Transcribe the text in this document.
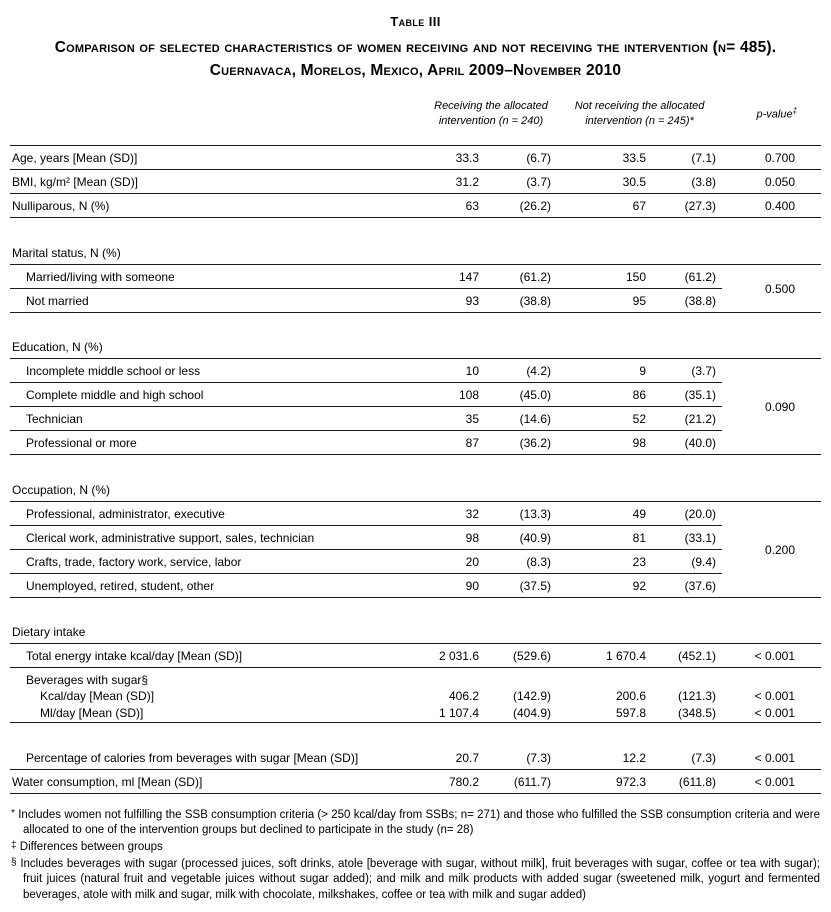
Table III
Comparison of selected characteristics of women receiving and not receiving the intervention (n= 485).
Cuernavaca, Morelos, Mexico, April 2009–November 2010
	Receiving the allocated intervention (n = 240)		Not receiving the allocated intervention (n = 245)*		p-value‡
Age, years [Mean (SD)]	33.3	(6.7)	33.5	(7.1)	0.700
BMI, kg/m² [Mean (SD)]	31.2	(3.7)	30.5	(3.8)	0.050
Nulliparous, N (%)	63	(26.2)	67	(27.3)	0.400

Marital status, N (%)					
Married/living with someone	147	(61.2)	150	(61.2)	0.500
Not married	93	(38.8)	95	(38.8)	

Education, N (%)					
Incomplete middle school or less	10	(4.2)	9	(3.7)	0.090
Complete middle and high school	108	(45.0)	86	(35.1)	
Technician	35	(14.6)	52	(21.2)	
Professional or more	87	(36.2)	98	(40.0)	

Occupation, N (%)					
Professional, administrator, executive	32	(13.3)	49	(20.0)	0.200
Clerical work, administrative support, sales, technician	98	(40.9)	81	(33.1)	
Crafts, trade, factory work, service, labor	20	(8.3)	23	(9.4)	
Unemployed, retired, student, other	90	(37.5)	92	(37.6)	

Dietary intake					
Total energy intake kcal/day [Mean (SD)]	2 031.6	(529.6)	1 670.4	(452.1)	< 0.001
Beverages with sugar§					
Kcal/day [Mean (SD)]	406.2	(142.9)	200.6	(121.3)	< 0.001
Ml/day [Mean (SD)]	1 107.4	(404.9)	597.8	(348.5)	< 0.001

Percentage of calories from beverages with sugar [Mean (SD)]	20.7	(7.3)	12.2	(7.3)	< 0.001
Water consumption, ml [Mean (SD)]	780.2	(611.7)	972.3	(611.8)	< 0.001

* Includes women not fulfilling the SSB consumption criteria (> 250 kcal/day from SSBs; n= 271) and those who fulfilled the SSB consumption criteria and were allocated to one of the intervention groups but declined to participate in the study (n= 28)

‡ Differences between groups

§ Includes beverages with sugar (processed juices, soft drinks, atole [beverage with sugar, without milk], fruit beverages with sugar, coffee or tea with sugar); fruit juices (natural fruit and vegetable juices without sugar added); and milk and milk products with added sugar (sweetened milk, yogurt and fermented beverages, atole with milk and sugar, milk with chocolate, milkshakes, coffee or tea with milk and sugar added)
